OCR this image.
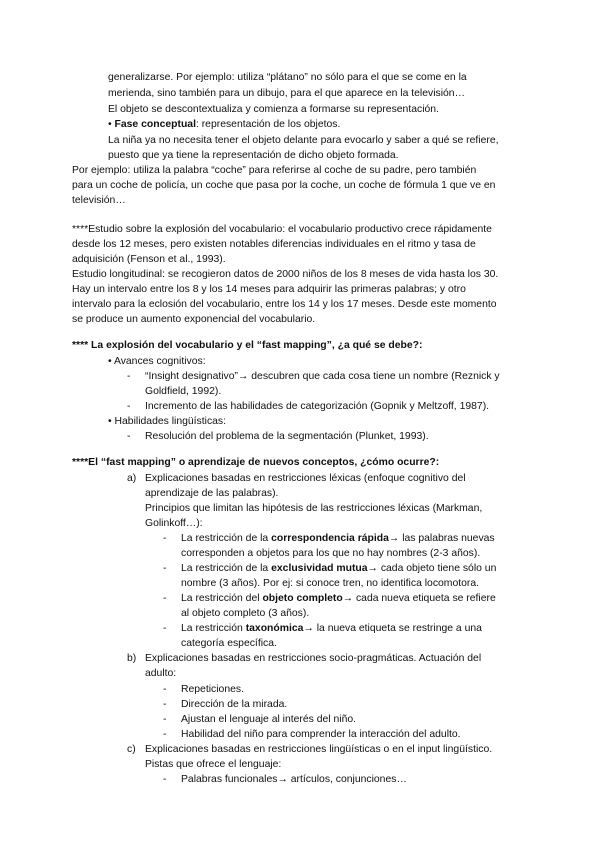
generalizarse. Por ejemplo: utiliza “plátano” no sólo para el que se come en la
merienda, sino también para un dibujo, para el que aparece en la televisión…
El objeto se descontextualiza y comienza a formarse su representación.
• Fase conceptual: representación de los objetos.
La niña ya no necesita tener el objeto delante para evocarlo y saber a qué se refiere,
puesto que ya tiene la representación de dicho objeto formada.
Por ejemplo: utiliza la palabra “coche” para referirse al coche de su padre, pero también
para un coche de policía, un coche que pasa por la coche, un coche de fórmula 1 que ve en
televisión…
****Estudio sobre la explosión del vocabulario: el vocabulario productivo crece rápidamente
desde los 12 meses, pero existen notables diferencias individuales en el ritmo y tasa de
adquisición (Fenson et al., 1993).
Estudio longitudinal: se recogieron datos de 2000 niños de los 8 meses de vida hasta los 30.
Hay un intervalo entre los 8 y los 14 meses para adquirir las primeras palabras; y otro
intervalo para la eclosión del vocabulario, entre los 14 y los 17 meses. Desde este momento
se produce un aumento exponencial del vocabulario.
**** La explosión del vocabulario y el “fast mapping”, ¿a qué se debe?:
• Avances cognitivos:
- “Insight designativo”→ descubren que cada cosa tiene un nombre (Reznick y
Goldfield, 1992).
- Incremento de las habilidades de categorización (Gopnik y Meltzoff, 1987).
• Habilidades lingüísticas:
- Resolución del problema de la segmentación (Plunket, 1993).
****El “fast mapping” o aprendizaje de nuevos conceptos, ¿cómo ocurre?:
a) Explicaciones basadas en restricciones léxicas (enfoque cognitivo del
aprendizaje de las palabras).
Principios que limitan las hipótesis de las restricciones léxicas (Markman,
Golinkoff…):
- La restricción de la correspondencia rápida→ las palabras nuevas
corresponden a objetos para los que no hay nombres (2-3 años).
- La restricción de la exclusividad mutua→ cada objeto tiene sólo un
nombre (3 años). Por ej: si conoce tren, no identifica locomotora.
- La restricción del objeto completo→ cada nueva etiqueta se refiere
al objeto completo (3 años).
- La restricción taxonómica→ la nueva etiqueta se restringe a una
categoría específica.
b) Explicaciones basadas en restricciones socio-pragmáticas. Actuación del
adulto:
- Repeticiones.
- Dirección de la mirada.
- Ajustan el lenguaje al interés del niño.
- Habilidad del niño para comprender la interacción del adulto.
c) Explicaciones basadas en restricciones lingüísticas o en el input lingüístico.
Pistas que ofrece el lenguaje:
- Palabras funcionales→ artículos, conjunciones…
